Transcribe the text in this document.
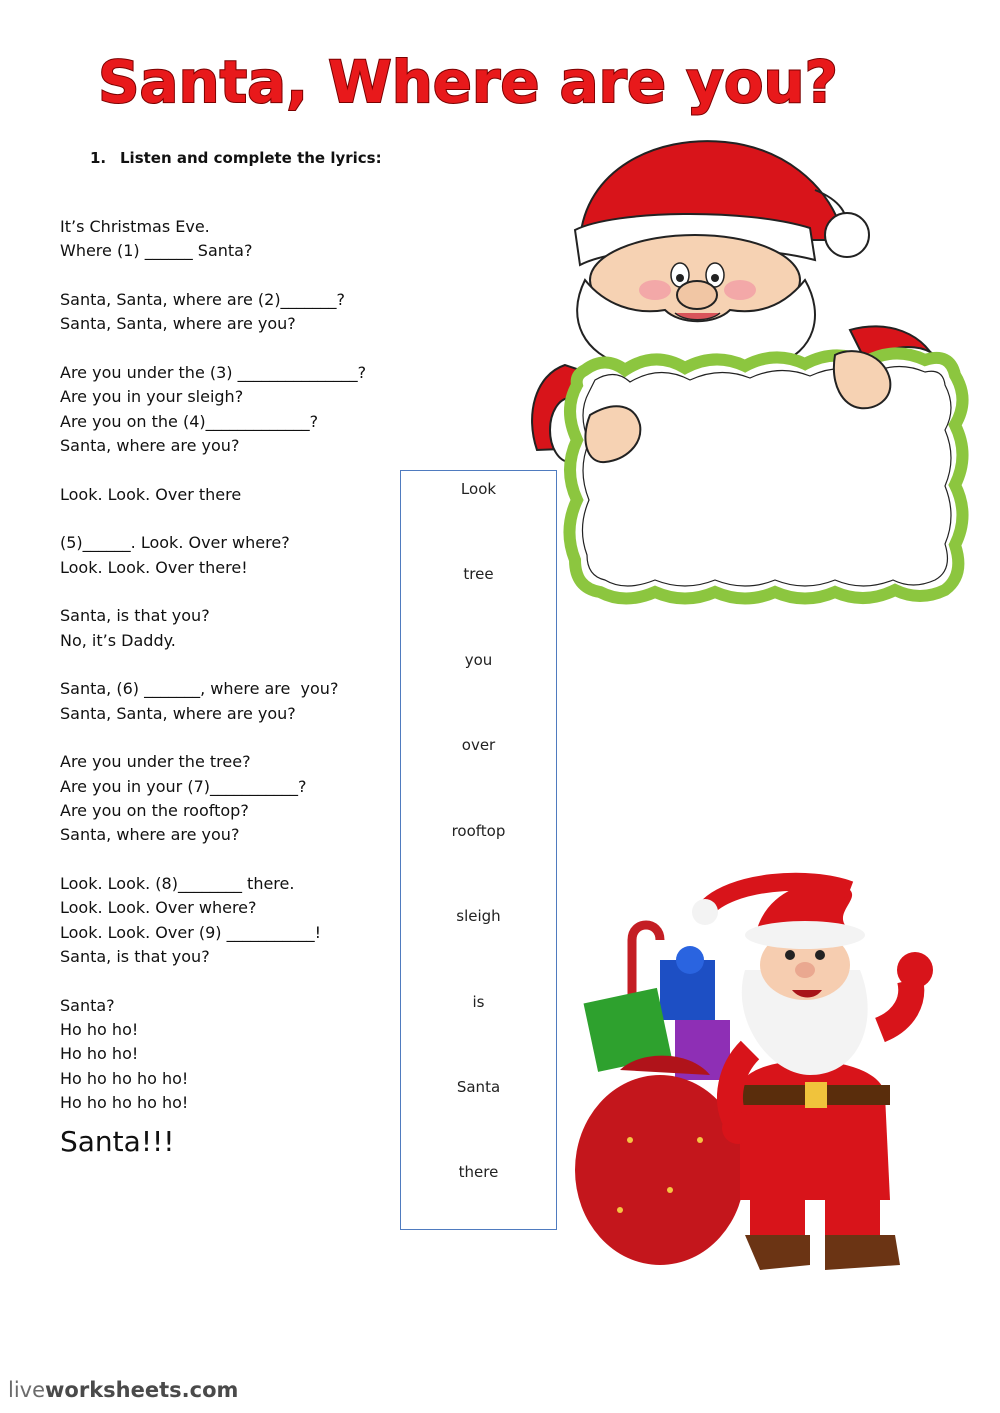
Santa, Where are you?
1. Listen and complete the lyrics:
It’s Christmas Eve.
Where (1) ______ Santa?
Santa, Santa, where are (2)_______?
Santa, Santa, where are you?
Are you under the (3) _______________?
Are you in your sleigh?
Are you on the (4)_____________?
Santa, where are you?
Look. Look. Over there
(5)______. Look. Over where?
Look. Look. Over there!
Santa, is that you?
No, it’s Daddy.
Santa, (6) _______, where are  you?
Santa, Santa, where are you?
Are you under the tree?
Are you in your (7)___________?
Are you on the rooftop?
Santa, where are you?
Look. Look. (8)________ there.
Look. Look. Over where?
Look. Look. Over (9) ___________!
Santa, is that you?
Santa?
Ho ho ho!
Ho ho ho!
Ho ho ho ho ho!
Ho ho ho ho ho!
Santa!!!
Look
tree
you
over
rooftop
sleigh
is
Santa
there
liveworksheets.com
